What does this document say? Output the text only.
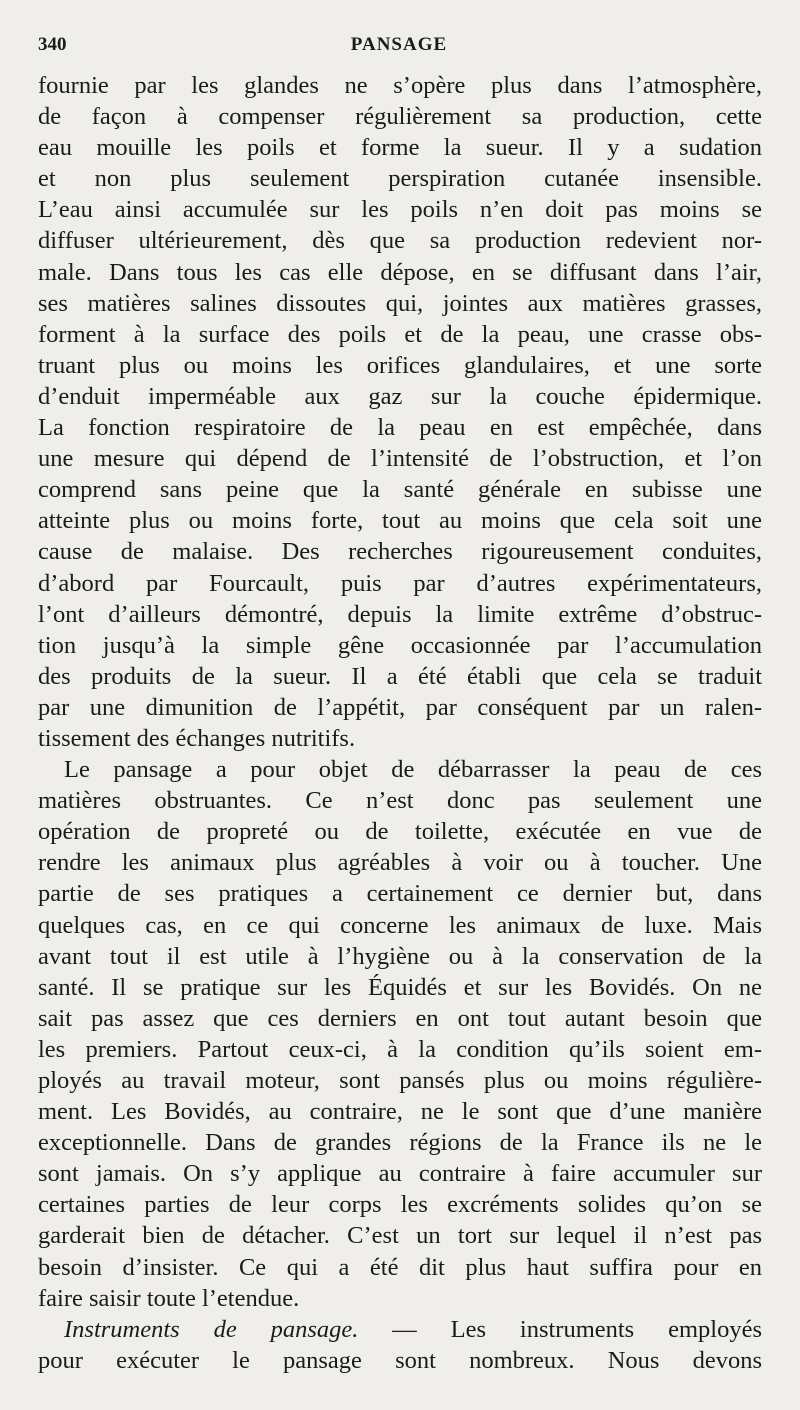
340	PANSAGE
fournie par les glandes ne s’opère plus dans l’atmosphère,
de façon à compenser régulièrement sa production, cette
eau mouille les poils et forme la sueur. Il y a sudation
et non plus seulement perspiration cutanée insensible.
L’eau ainsi accumulée sur les poils n’en doit pas moins se
diffuser ultérieurement, dès que sa production redevient nor-
male. Dans tous les cas elle dépose, en se diffusant dans l’air,
ses matières salines dissoutes qui, jointes aux matières grasses,
forment à la surface des poils et de la peau, une crasse obs-
truant plus ou moins les orifices glandulaires, et une sorte
d’enduit imperméable aux gaz sur la couche épidermique.
La fonction respiratoire de la peau en est empêchée, dans
une mesure qui dépend de l’intensité de l’obstruction, et l’on
comprend sans peine que la santé générale en subisse une
atteinte plus ou moins forte, tout au moins que cela soit une
cause de malaise. Des recherches rigoureusement conduites,
d’abord par Fourcault, puis par d’autres expérimentateurs,
l’ont d’ailleurs démontré, depuis la limite extrême d’obstruc-
tion jusqu’à la simple gêne occasionnée par l’accumulation
des produits de la sueur. Il a été établi que cela se traduit
par une dimunition de l’appétit, par conséquent par un ralen-
tissement des échanges nutritifs.
Le pansage a pour objet de débarrasser la peau de ces
matières obstruantes. Ce n’est donc pas seulement une
opération de propreté ou de toilette, exécutée en vue de
rendre les animaux plus agréables à voir ou à toucher. Une
partie de ses pratiques a certainement ce dernier but, dans
quelques cas, en ce qui concerne les animaux de luxe. Mais
avant tout il est utile à l’hygiène ou à la conservation de la
santé. Il se pratique sur les Équidés et sur les Bovidés. On ne
sait pas assez que ces derniers en ont tout autant besoin que
les premiers. Partout ceux-ci, à la condition qu’ils soient em-
ployés au travail moteur, sont pansés plus ou moins régulière-
ment. Les Bovidés, au contraire, ne le sont que d’une manière
exceptionnelle. Dans de grandes régions de la France ils ne le
sont jamais. On s’y applique au contraire à faire accumuler sur
certaines parties de leur corps les excréments solides qu’on se
garderait bien de détacher. C’est un tort sur lequel il n’est pas
besoin d’insister. Ce qui a été dit plus haut suffira pour en
faire saisir toute l’etendue.
Instruments de pansage. — Les instruments employés
pour exécuter le pansage sont nombreux. Nous devons
